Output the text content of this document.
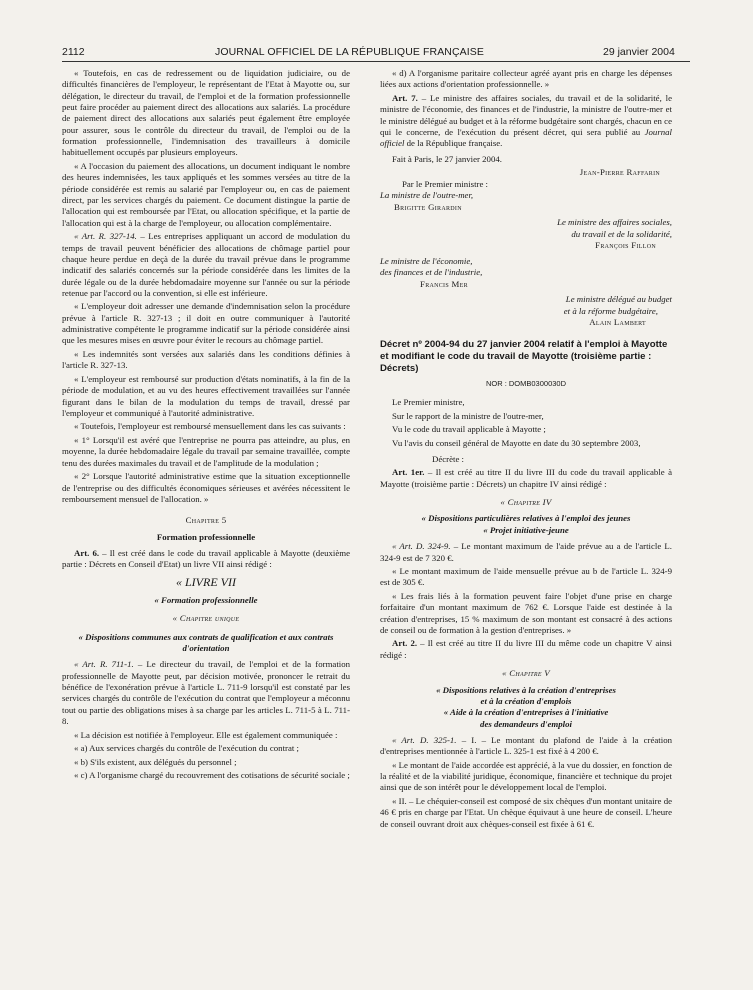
2112	JOURNAL OFFICIEL DE LA RÉPUBLIQUE FRANÇAISE	29 janvier 2004

« Toutefois, en cas de redressement ou de liquidation judiciaire, ou de difficultés financières de l'employeur, le représentant de l'Etat à Mayotte ou, sur délégation, le directeur du travail, de l'emploi et de la formation professionnelle peut faire procéder au paiement direct des allocations aux salariés. La procédure de paiement direct des allocations aux salariés peut également être employée pour assurer, sous le contrôle du directeur du travail, de l'emploi ou de la formation professionnelle, l'indemnisation des travailleurs à domicile habituellement occupés par plusieurs employeurs.

« A l'occasion du paiement des allocations, un document indiquant le nombre des heures indemnisées, les taux appliqués et les sommes versées au titre de la période considérée est remis au salarié par l'employeur ou, en cas de paiement direct, par les services chargés du paiement. Ce document distingue la partie de l'allocation qui est remboursée par l'Etat, ou allocation spécifique, et la partie de l'allocation qui est à la charge de l'employeur, ou allocation complémentaire.

« Art. R. 327-14. – Les entreprises appliquant un accord de modulation du temps de travail peuvent bénéficier des allocations de chômage partiel pour chaque heure perdue en deçà de la durée du travail prévue dans le programme indicatif des salariés concernés sur la période considérée dans les limites de la durée légale ou de la durée hebdomadaire moyenne sur l'année ou sur la période retenue par l'accord ou la convention, si elle est inférieure.

« L'employeur doit adresser une demande d'indemnisation selon la procédure prévue à l'article R. 327-13 ; il doit en outre communiquer à l'autorité administrative compétente le programme indicatif sur la période considérée ainsi que les mesures mises en œuvre pour éviter le recours au chômage partiel.

« Les indemnités sont versées aux salariés dans les conditions définies à l'article R. 327-13.

« L'employeur est remboursé sur production d'états nominatifs, à la fin de la période de modulation, et au vu des heures effectivement travaillées sur l'année figurant dans le bilan de la modulation du temps de travail, dressé par l'employeur et communiqué à l'autorité administrative.

« Toutefois, l'employeur est remboursé mensuellement dans les cas suivants :

« 1° Lorsqu'il est avéré que l'entreprise ne pourra pas atteindre, au plus, en moyenne, la durée hebdomadaire légale du travail par semaine travaillée, compte tenu des durées maximales du travail et de l'amplitude de la modulation ;

« 2° Lorsque l'autorité administrative estime que la situation exceptionnelle de l'entreprise ou des difficultés économiques sérieuses et avérées nécessitent le remboursement mensuel de l'allocation. »

Chapitre 5
Formation professionnelle

Art. 6. – Il est créé dans le code du travail applicable à Mayotte (deuxième partie : Décrets en Conseil d'Etat) un livre VII ainsi rédigé :

« LIVRE VII
« Formation professionnelle
« Chapitre unique
« Dispositions communes aux contrats de qualification et aux contrats d'orientation

« Art. R. 711-1. – Le directeur du travail, de l'emploi et de la formation professionnelle de Mayotte peut, par décision motivée, prononcer le retrait du bénéfice de l'exonération prévue à l'article L. 711-9 lorsqu'il est constaté par les services chargés du contrôle de l'exécution du contrat que l'employeur a méconnu tout ou partie des obligations mises à sa charge par les articles L. 711-5 à L. 711-8.

« La décision est notifiée à l'employeur. Elle est également communiquée :

« a) Aux services chargés du contrôle de l'exécution du contrat ;

« b) S'ils existent, aux délégués du personnel ;

« c) A l'organisme chargé du recouvrement des cotisations de sécurité sociale ;

« d) A l'organisme paritaire collecteur agréé ayant pris en charge les dépenses liées aux actions d'orientation professionnelle. »

Art. 7. – Le ministre des affaires sociales, du travail et de la solidarité, le ministre de l'économie, des finances et de l'industrie, la ministre de l'outre-mer et le ministre délégué au budget et à la réforme budgétaire sont chargés, chacun en ce qui le concerne, de l'exécution du présent décret, qui sera publié au Journal officiel de la République française.

Fait à Paris, le 27 janvier 2004.

Jean-Pierre Raffarin

Par le Premier ministre :

La ministre de l'outre-mer,

Brigitte Girardin

Le ministre des affaires sociales,

du travail et de la solidarité,

François Fillon

Le ministre de l'économie,

des finances et de l'industrie,

Francis Mer

Le ministre délégué au budget

et à la réforme budgétaire,

Alain Lambert

Décret nº 2004-94 du 27 janvier 2004 relatif à l'emploi à Mayotte et modifiant le code du travail de Mayotte (troisième partie : Décrets)
NOR : DOMB0300030D

Le Premier ministre,

Sur le rapport de la ministre de l'outre-mer,

Vu le code du travail applicable à Mayotte ;

Vu l'avis du conseil général de Mayotte en date du 30 septembre 2003,

Décrète :

Art. 1er. – Il est créé au titre II du livre III du code du travail applicable à Mayotte (troisième partie : Décrets) un chapitre IV ainsi rédigé :

« Chapitre IV
« Dispositions particulières relatives à l'emploi des jeunes
« Projet initiative-jeune

« Art. D. 324-9. – Le montant maximum de l'aide prévue au a de l'article L. 324-9 est de 7 320 €.

« Le montant maximum de l'aide mensuelle prévue au b de l'article L. 324-9 est de 305 €.

« Les frais liés à la formation peuvent faire l'objet d'une prise en charge forfaitaire d'un montant maximum de 762 €. Lorsque l'aide est destinée à la création d'entreprises, 15 % maximum de son montant est consacré à des actions de conseil ou de formation à la gestion d'entreprises. »

Art. 2. – Il est créé au titre II du livre III du même code un chapitre V ainsi rédigé :

« Chapitre V
« Dispositions relatives à la création d'entreprises
et à la création d'emplois
« Aide à la création d'entreprises à l'initiative
des demandeurs d'emploi

« Art. D. 325-1. – I. – Le montant du plafond de l'aide à la création d'entreprises mentionnée à l'article L. 325-1 est fixé à 4 200 €.

« Le montant de l'aide accordée est apprécié, à la vue du dossier, en fonction de la réalité et de la viabilité juridique, économique, financière et technique du projet ainsi que de son intérêt pour le développement local de l'emploi.

« II. – Le chéquier-conseil est composé de six chèques d'un montant unitaire de 46 € pris en charge par l'Etat. Un chèque équivaut à une heure de conseil. L'heure de conseil ouvrant droit aux chèques-conseil est fixée à 61 €.
